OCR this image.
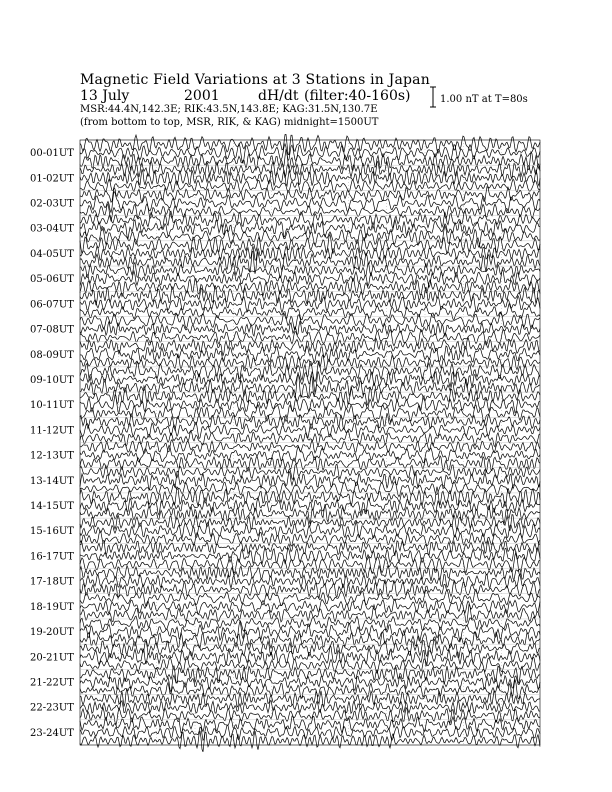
Magnetic Field Variations at 3 Stations in Japan
13 July	2001	dH/dt (filter:40-160s)
MSR:44.4N,142.3E; RIK:43.5N,143.8E; KAG:31.5N,130.7E
(from bottom to top, MSR, RIK, & KAG) midnight=1500UT
1.00 nT at T=80s
00-01UT
01-02UT
02-03UT
03-04UT
04-05UT
05-06UT
06-07UT
07-08UT
08-09UT
09-10UT
10-11UT
11-12UT
12-13UT
13-14UT
14-15UT
15-16UT
16-17UT
17-18UT
18-19UT
19-20UT
20-21UT
21-22UT
22-23UT
23-24UT
